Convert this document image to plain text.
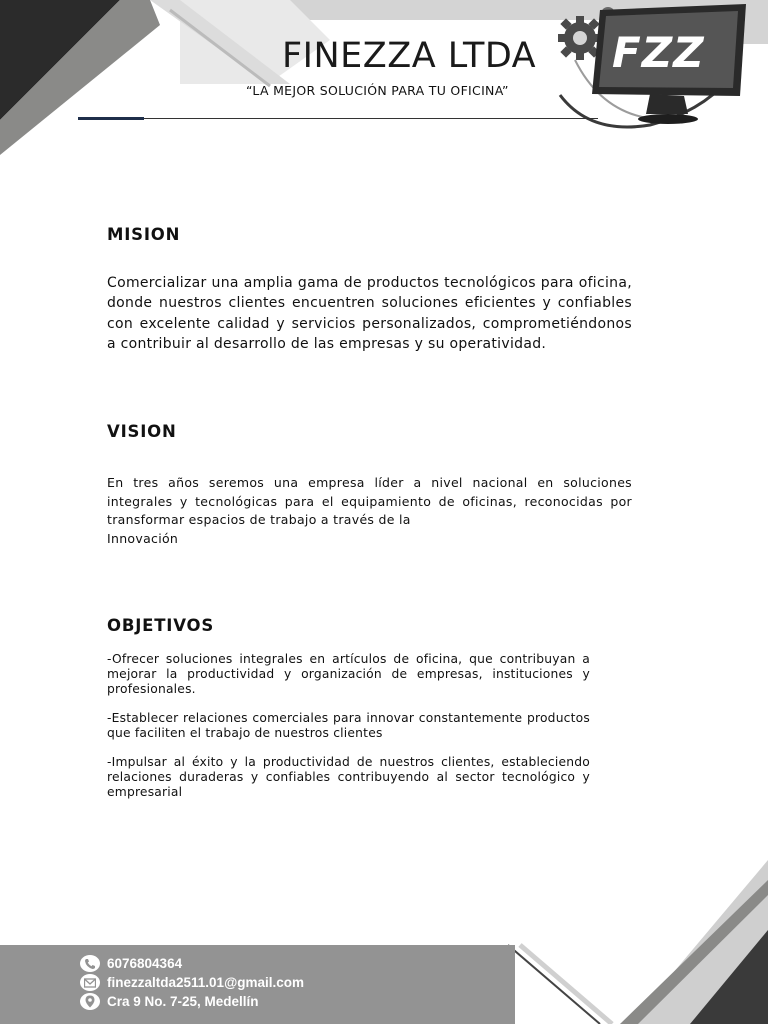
FZZ
FINEZZA LTDA
“LA MEJOR SOLUCIÓN PARA TU OFICINA”
MISION
Comercializar una amplia gama de productos tecnológicos para oficina, donde nuestros clientes encuentren soluciones eficientes y confiables con excelente calidad y servicios personalizados, comprometiéndonos a contribuir al desarrollo de las empresas y su operatividad.
VISION
En tres años seremos una empresa líder a nivel nacional en soluciones integrales y tecnológicas para el equipamiento de oficinas, reconocidas por transformar espacios de trabajo a través de la
Innovación
OBJETIVOS
-Ofrecer soluciones integrales en artículos de oficina, que contribuyan a mejorar la productividad y organización de empresas, instituciones y profesionales.
-Establecer relaciones comerciales para innovar constantemente productos que faciliten el trabajo de nuestros clientes
-Impulsar al éxito y la productividad de nuestros clientes, estableciendo relaciones duraderas y confiables contribuyendo al sector tecnológico y empresarial
6076804364
finezzaltda2511.01@gmail.com
Cra 9 No. 7-25, Medellín
